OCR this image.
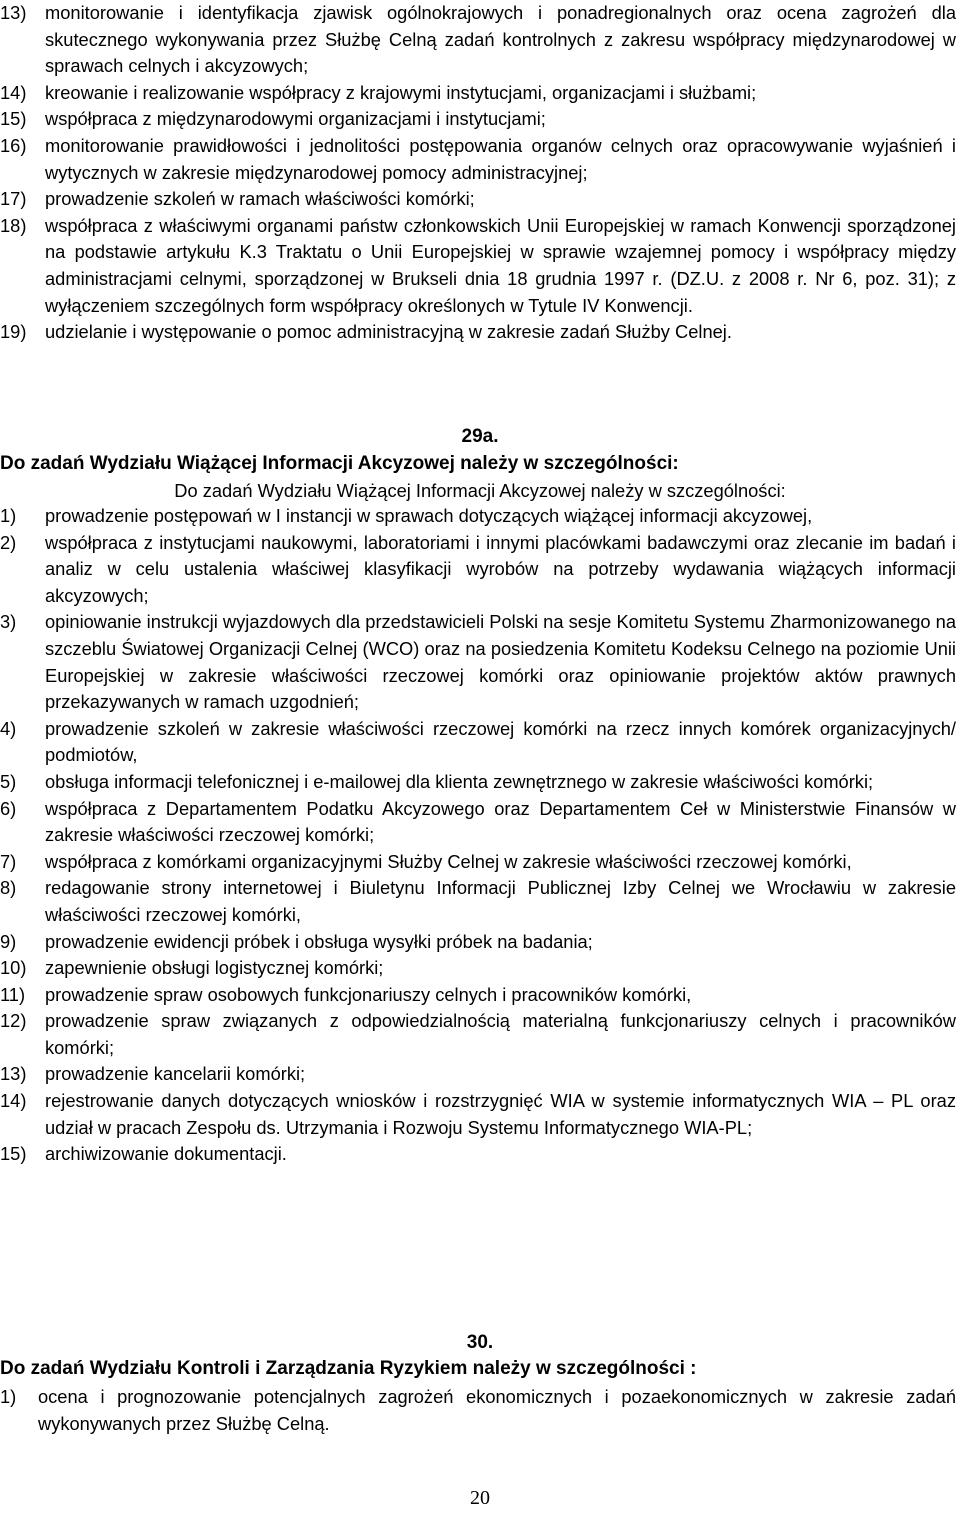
13)	monitorowanie i identyfikacja zjawisk ogólnokrajowych i ponadregionalnych oraz ocena zagrożeń dla skutecznego wykonywania przez Służbę Celną zadań kontrolnych z zakresu współpracy międzynarodowej w sprawach celnych i akcyzowych;
14)	kreowanie i realizowanie współpracy z krajowymi instytucjami, organizacjami i służbami;
15)	współpraca z międzynarodowymi organizacjami i instytucjami;
16)	monitorowanie prawidłowości i jednolitości postępowania organów celnych oraz opracowywanie wyjaśnień i wytycznych w zakresie międzynarodowej pomocy administracyjnej;
17)	prowadzenie szkoleń w ramach właściwości komórki;
18)	współpraca z właściwymi organami państw członkowskich Unii Europejskiej w ramach Konwencji sporządzonej na podstawie artykułu K.3 Traktatu o Unii Europejskiej w sprawie wzajemnej pomocy i współpracy między administracjami celnymi, sporządzonej w Brukseli dnia 18 grudnia 1997 r. (DZ.U. z 2008 r. Nr 6, poz. 31); z wyłączeniem szczególnych form współpracy określonych w Tytule IV Konwencji.
19)	udzielanie i występowanie o pomoc administracyjną w zakresie zadań Służby Celnej.
29a.
Do zadań Wydziału Wiążącej Informacji Akcyzowej należy w szczególności:
Do zadań Wydziału Wiążącej Informacji Akcyzowej należy w szczególności:
1)	prowadzenie postępowań w I instancji w sprawach dotyczących wiążącej informacji akcyzowej,
2)	współpraca z instytucjami naukowymi, laboratoriami i innymi placówkami badawczymi oraz zlecanie im badań i analiz w celu ustalenia właściwej klasyfikacji wyrobów na potrzeby wydawania wiążących informacji akcyzowych;
3)	opiniowanie instrukcji wyjazdowych dla przedstawicieli Polski na sesje Komitetu Systemu Zharmonizowanego na szczeblu Światowej Organizacji Celnej (WCO) oraz na posiedzenia Komitetu Kodeksu Celnego na poziomie Unii Europejskiej w zakresie właściwości rzeczowej komórki oraz opiniowanie projektów aktów prawnych przekazywanych w ramach uzgodnień;
4)	prowadzenie szkoleń w zakresie właściwości rzeczowej komórki na rzecz innych komórek organizacyjnych/ podmiotów,
5)	obsługa informacji telefonicznej i e-mailowej dla klienta zewnętrznego w zakresie właściwości komórki;
6)	współpraca z Departamentem Podatku Akcyzowego oraz Departamentem Ceł w Ministerstwie Finansów w zakresie właściwości rzeczowej komórki;
7)	współpraca z komórkami organizacyjnymi Służby Celnej w zakresie właściwości rzeczowej komórki,
8)	redagowanie strony internetowej i Biuletynu Informacji Publicznej Izby Celnej we Wrocławiu w zakresie właściwości rzeczowej komórki,
9)	prowadzenie ewidencji próbek i obsługa wysyłki próbek na badania;
10)	zapewnienie obsługi logistycznej komórki;
11)	prowadzenie spraw osobowych funkcjonariuszy celnych i pracowników komórki,
12)	prowadzenie spraw związanych z odpowiedzialnością materialną funkcjonariuszy celnych i pracowników komórki;
13)	prowadzenie kancelarii komórki;
14)	rejestrowanie danych dotyczących wniosków i rozstrzygnięć WIA w systemie informatycznych WIA – PL oraz udział w pracach Zespołu ds. Utrzymania i Rozwoju Systemu Informatycznego WIA-PL;
15)	archiwizowanie dokumentacji.
30.
Do zadań Wydziału Kontroli i Zarządzania Ryzykiem należy w szczególności :
1)	ocena i prognozowanie potencjalnych zagrożeń ekonomicznych i pozaekonomicznych w zakresie zadań wykonywanych przez Służbę Celną.
20
